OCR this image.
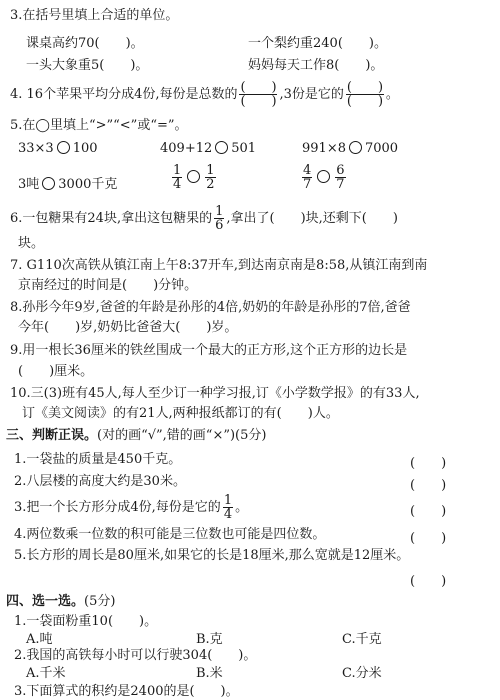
3.在括号里填上合适的单位。
课桌高约70(　　)。	一个梨约重240(　　)。
一头大象重5(　　)。	妈妈每天工作8(　　)。
4. 16个苹果平均分成4份,每份是总数的 $\frac{( )}{( )} ,3$份是它的 $\frac{( )}{( )}$ 。
5.在◯里填上“>”“<”或“=”。
33×3 100	409+12 501	991×8 7000
3吨 3000千克	$\frac{1}{4} \frac{1}{2}$	$\frac{4}{7} \frac{6}{7}$
6.一包糖果有24块,拿出这包糖果的 $\frac{1}{6}$ ,拿出了(　　)块,还剩下(　　)
块。
7. G110次高铁从镇江南上午8:37开车,到达南京南是8:58,从镇江南到南
京南经过的时间是(　　)分钟。
8.孙彤今年9岁,爸爸的年龄是孙彤的4倍,奶奶的年龄是孙彤的7倍,爸爸
今年(　　)岁,奶奶比爸爸大(　　)岁。
9.用一根长36厘米的铁丝围成一个最大的正方形,这个正方形的边长是
(　　)厘米。
10.三(3)班有45人,每人至少订一种学习报,订《小学数学报》的有33人,
订《美文阅读》的有21人,两种报纸都订的有(　　)人。
三、判断正误。(对的画“√”,错的画“×”)(5分)
1.一袋盐的质量是450千克。	(　　)
2.八层楼的高度大约是30米。	(　　)
3.把一个长方形分成4份,每份是它的 $\frac{1}{4}$ 。	(　　)
4.两位数乘一位数的积可能是三位数也可能是四位数。	(　　)
5.长方形的周长是80厘米,如果它的长是18厘米,那么宽就是12厘米。
(　　)
四、选一选。(5分)
1.一袋面粉重10(　　)。
A.吨	B.克	C.千克
2.我国的高铁每小时可以行驶304(　　)。
A.千米	B.米	C.分米
3.下面算式的积约是2400的是(　　)。
